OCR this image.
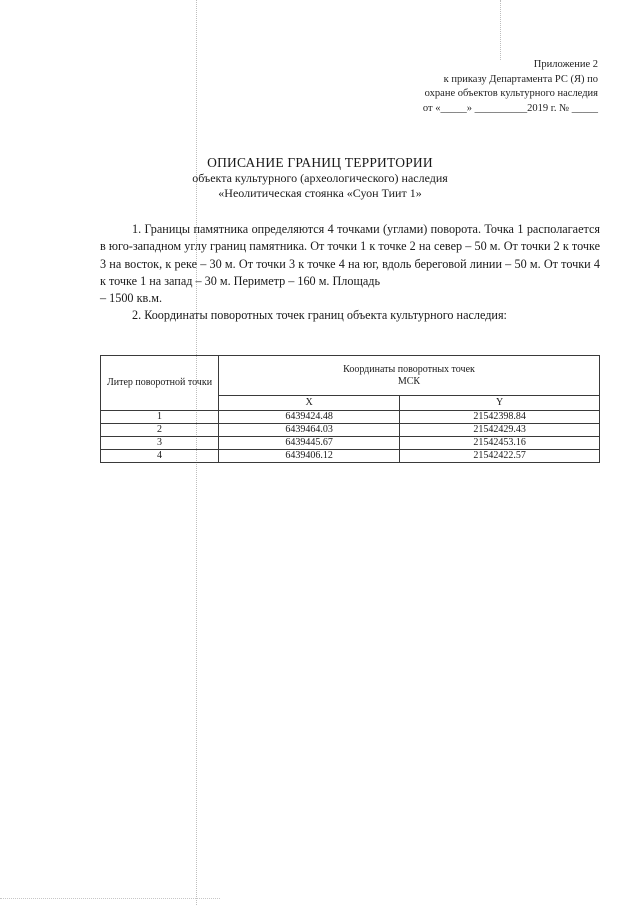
Приложение 2
к приказу Департамента РС (Я) по
охране объектов культурного наследия
от «_____» __________2019 г. № _____
ОПИСАНИЕ ГРАНИЦ ТЕРРИТОРИИ
объекта культурного (археологического) наследия
«Неолитическая стоянка «Суон Тиит 1»

1. Границы памятника определяются 4 точками (углами) поворота. Точка 1 располагается в юго-западном углу границ памятника. От точки 1 к точке 2 на север – 50 м. От точки 2 к точке 3 на восток, к реке – 30 м. От точки 3 к точке 4 на юг, вдоль береговой линии – 50 м. От точки 4 к точке 1 на запад – 30 м. Периметр – 160 м. Площадь

– 1500 кв.м.

2. Координаты поворотных точек границ объекта культурного наследия:

Литер поворотной точки	Координаты поворотных точек
МСК	

	X	Y
1	6439424.48	21542398.84
2	6439464.03	21542429.43
3	6439445.67	21542453.16
4	6439406.12	21542422.57
